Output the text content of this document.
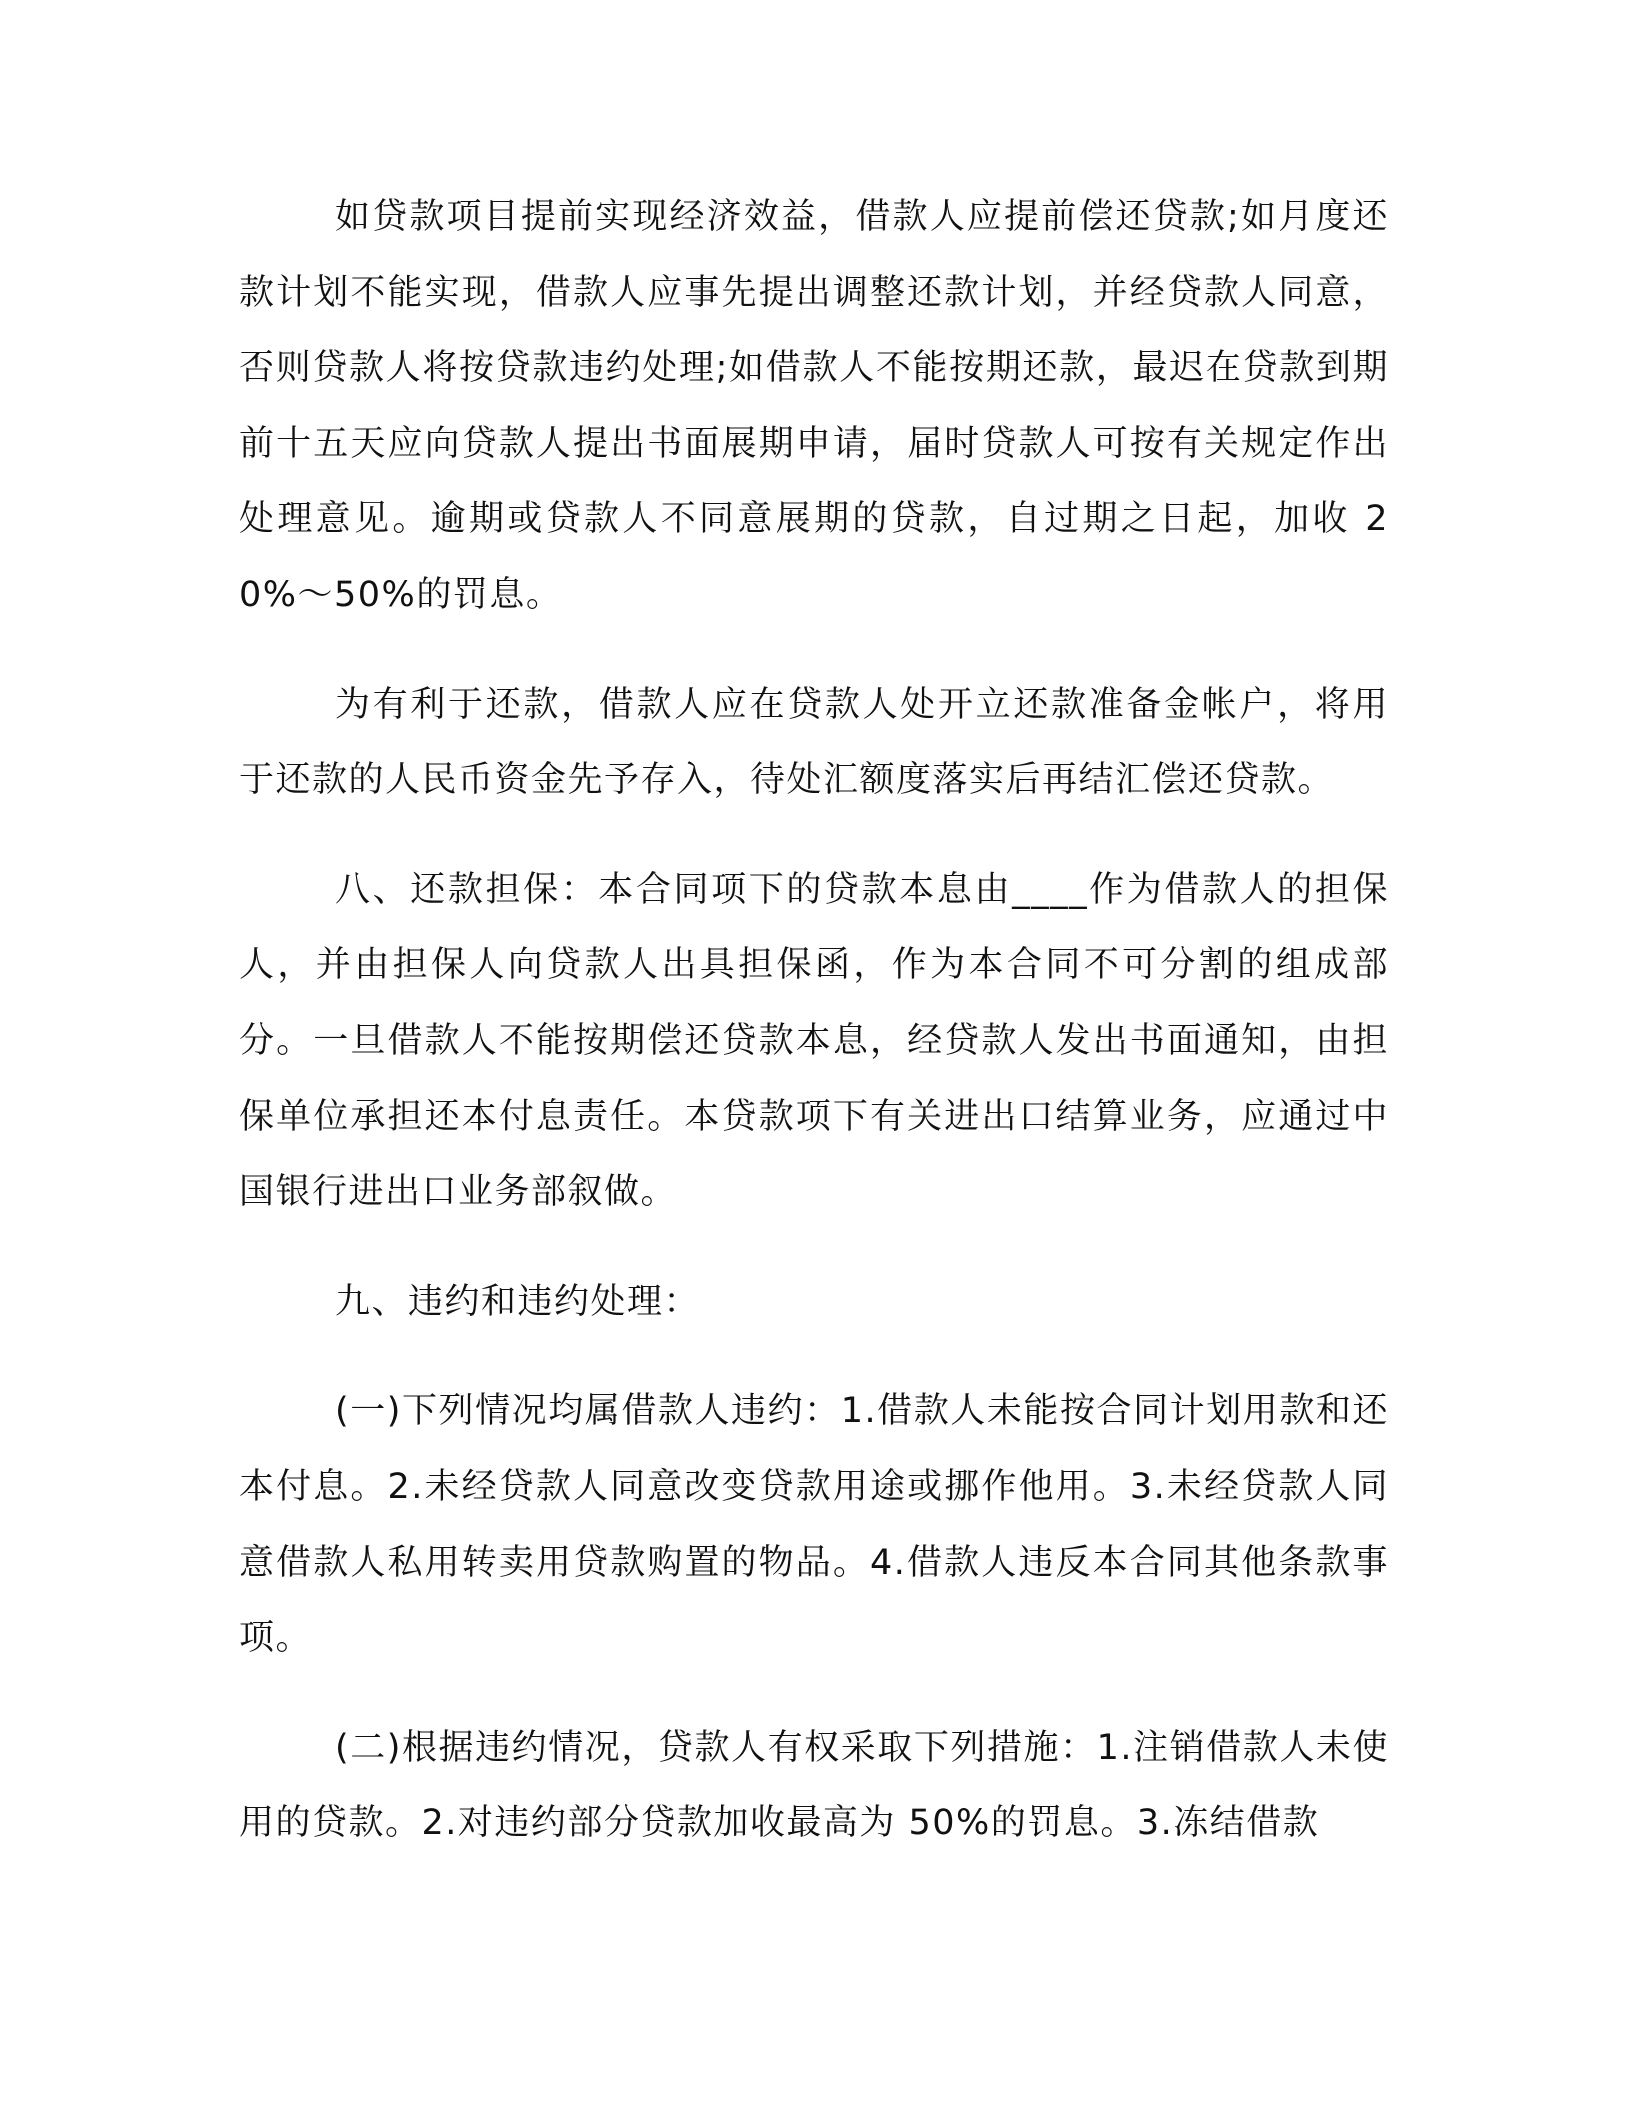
如贷款项目提前实现经济效益，借款人应提前偿还贷款;如月度还款计划不能实现，借款人应事先提出调整还款计划，并经贷款人同意，否则贷款人将按贷款违约处理;如借款人不能按期还款，最迟在贷款到期前十五天应向贷款人提出书面展期申请，届时贷款人可按有关规定作出处理意见。逾期或贷款人不同意展期的贷款，自过期之日起，加收 20%～50%的罚息。

为有利于还款，借款人应在贷款人处开立还款准备金帐户，将用于还款的人民币资金先予存入，待处汇额度落实后再结汇偿还贷款。

八、还款担保：本合同项下的贷款本息由____作为借款人的担保人，并由担保人向贷款人出具担保函，作为本合同不可分割的组成部分。一旦借款人不能按期偿还贷款本息，经贷款人发出书面通知，由担保单位承担还本付息责任。本贷款项下有关进出口结算业务，应通过中国银行进出口业务部叙做。

九、违约和违约处理：

(一)下列情况均属借款人违约：1.借款人未能按合同计划用款和还本付息。2.未经贷款人同意改变贷款用途或挪作他用。3.未经贷款人同意借款人私用转卖用贷款购置的物品。4.借款人违反本合同其他条款事项。

(二)根据违约情况，贷款人有权采取下列措施：1.注销借款人未使用的贷款。2.对违约部分贷款加收最高为 50%的罚息。3.冻结借款
